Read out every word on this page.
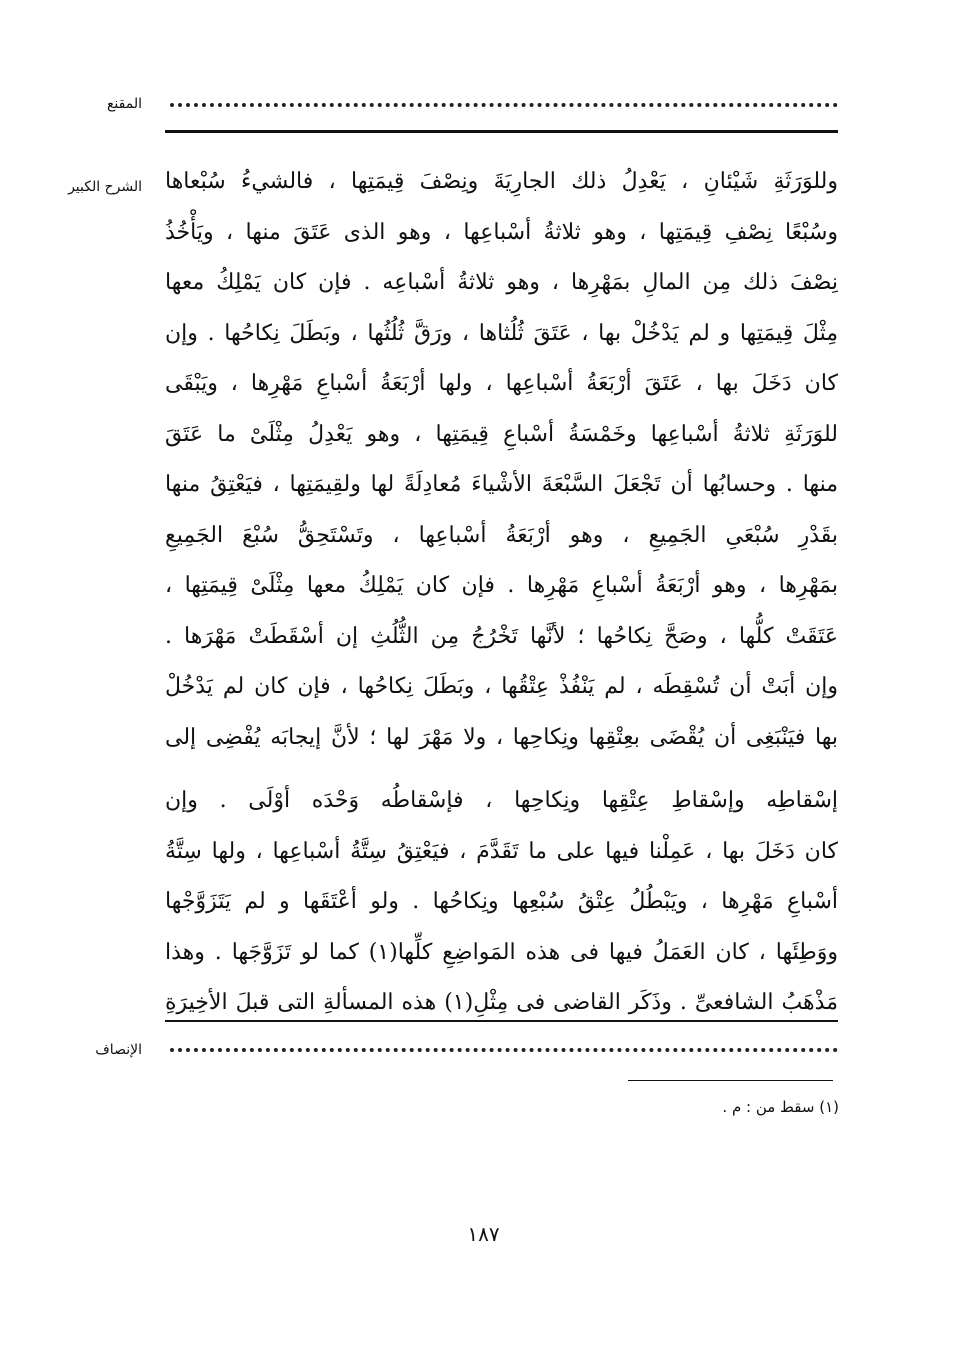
المقنع
الشرح الكبير وللوَرَثَةِ شَيْئانِ ، يَعْدِلُ ذلك الجارِيَةَ ونِصْفَ قِيمَتِها ، فالشيءُ سُبْعاها
وسُبْعًا نِصْفِ قِيمَتِها ، وهو ثلاثةُ أسْباعِها ، وهو الذى عَتَقَ منها ، ويَأْخُذُ
نِصْفَ ذلك مِن المالِ بمَهْرِها ، وهو ثلاثةُ أسْباعِه . فإن كان يَمْلِكُ معها
مِثْلَ قِيمَتِها و لم يَدْخُلْ بها ، عَتَقَ ثُلُثاها ، ورَقَّ ثُلُثُها ، وبَطَلَ نِكاحُها . وإن
كان دَخَلَ بها ، عَتَقَ أرْبَعَةُ أسْباعِها ، ولها أرْبَعَةُ أسْباعِ مَهْرِها ، ويَبْقَى
للوَرَثَةِ ثلاثةُ أسْباعِها وخَمْسَةُ أسْباعِ قِيمَتِها ، وهو يَعْدِلُ مِثْلَىْ ما عَتَقَ
منها . وحسابُها أن تَجْعَلَ السَّبْعَةَ الأشْياءَ مُعادِلَةً لها ولقِيمَتِها ، فيَعْتِقُ منها
بقَدْرِ سُبْعَىِ الجَمِيعِ ، وهو أرْبَعَةُ أسْباعِها ، وتَسْتَحِقُّ سُبْعَ الجَمِيعِ
بمَهْرِها ، وهو أرْبَعَةُ أسْباعِ مَهْرِها . فإن كان يَمْلِكُ معها مِثْلَىْ قِيمَتِها ،
عَتَقَتْ كلُّها ، وصَحَّ نِكاحُها ؛ لأنَّها تَخْرُجُ مِن الثُّلُثِ إن أسْقَطَتْ مَهْرَها .
وإن أبَتْ أن تُسْقِطَه ، لم يَنْفُذْ عِتْقُها ، وبَطَلَ نِكاحُها ، فإن كان لم يَدْخُلْ
بها فيَنْبَغِى أن يُقْضَى بعِتْقِها ونِكاحِها ، ولا مَهْرَ لها ؛ لأنَّ إيجابَه يُفْضِى إلى
إسْقاطِه وإسْقاطِ عِتْقِها ونِكاحِها ، فإسْقاطُه وَحْدَه أوْلَى . وإن
كان دَخَلَ بها ، عَمِلْنا فيها على ما تَقَدَّمَ ، فيَعْتِقُ سِتَّةُ أسْباعِها ، ولها سِتَّةُ
أسْباعِ مَهْرِها ، ويَبْطُلُ عِتْقُ سُبْعِها ونِكاحُها . ولو أعْتَقَها و لم يَتَزَوَّجْها
ووَطِئَها ، كان العَمَلُ فيها فى هذه المَواضِعِ كلِّها(١) كما لو تَزَوَّجَها . وهذا
مَذْهَبُ الشافعىِّ . وذَكَر القاضى فى مِثْلِ(١) هذه المسألةِ التى قبلَ الأخِيرَةِ
الإنصاف
(١) سقط من : م .
١٨٧
